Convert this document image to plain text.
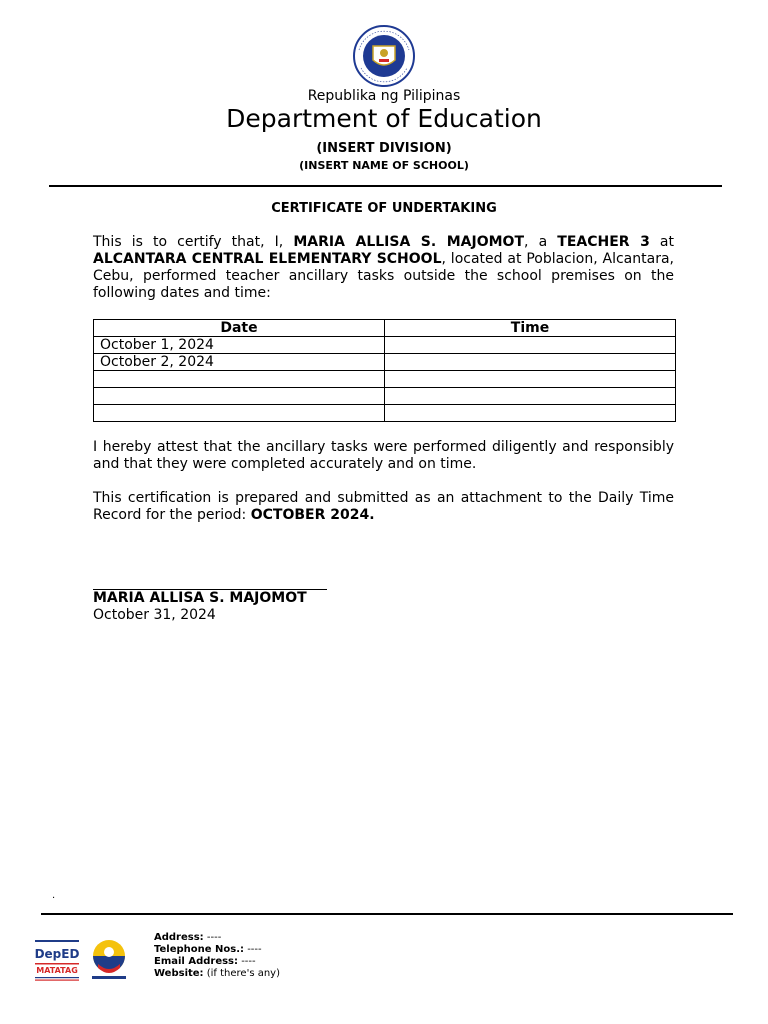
Republika ng Pilipinas
Department of Education
(INSERT DIVISION)
(INSERT NAME OF SCHOOL)
CERTIFICATE OF UNDERTAKING
This is to certify that, I, MARIA ALLISA S. MAJOMOT, a TEACHER 3 at ALCANTARA CENTRAL ELEMENTARY SCHOOL, located at Poblacion, Alcantara, Cebu, performed teacher ancillary tasks outside the school premises on the following dates and time:
Date	Time
October 1, 2024	
October 2, 2024	

I hereby attest that the ancillary tasks were performed diligently and responsibly and that they were completed accurately and on time.
This certification is prepared and submitted as an attachment to the Daily Time Record for the period: OCTOBER 2024.
MARIA ALLISA S. MAJOMOT
October 31, 2024
.
DepED
MATATAG
Address: ----
Telephone Nos.: ----
Email Address: ----
Website: (if there's any)
